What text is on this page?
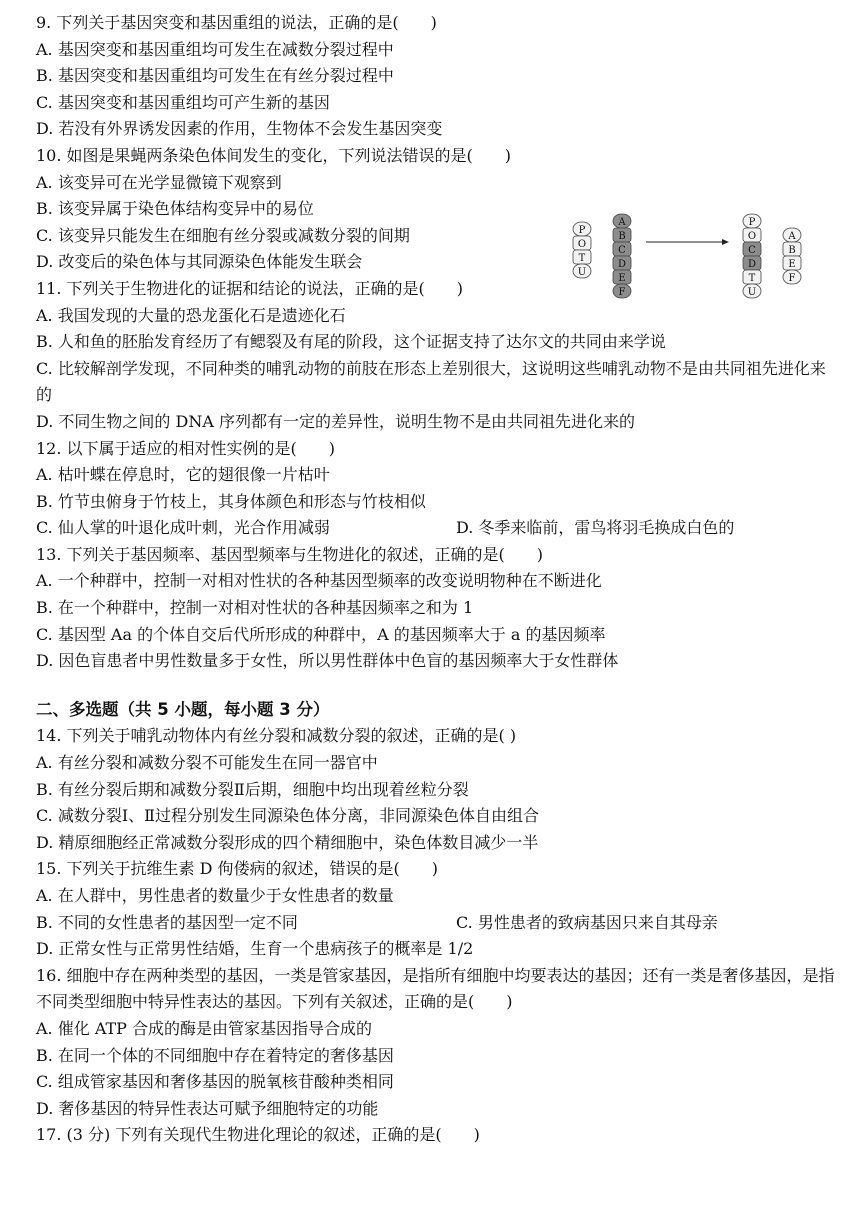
9. 下列关于基因突变和基因重组的说法，正确的是(　　)
A. 基因突变和基因重组均可发生在减数分裂过程中
B. 基因突变和基因重组均可发生在有丝分裂过程中
C. 基因突变和基因重组均可产生新的基因
D. 若没有外界诱发因素的作用，生物体不会发生基因突变
10. 如图是果蝇两条染色体间发生的变化，下列说法错误的是(　　)
A. 该变异可在光学显微镜下观察到
B. 该变异属于染色体结构变异中的易位
C. 该变异只能发生在细胞有丝分裂或减数分裂的间期
D. 改变后的染色体与其同源染色体能发生联会
11. 下列关于生物进化的证据和结论的说法，正确的是(　　)
A. 我国发现的大量的恐龙蛋化石是遗迹化石
B. 人和鱼的胚胎发育经历了有鳃裂及有尾的阶段，这个证据支持了达尔文的共同由来学说
C. 比较解剖学发现，不同种类的哺乳动物的前肢在形态上差别很大，这说明这些哺乳动物不是由共同祖先进化来的
D. 不同生物之间的 DNA 序列都有一定的差异性，说明生物不是由共同祖先进化来的
12. 以下属于适应的相对性实例的是(　　)
A. 枯叶蝶在停息时，它的翅很像一片枯叶
B. 竹节虫俯身于竹枝上，其身体颜色和形态与竹枝相似
C. 仙人掌的叶退化成叶刺，光合作用减弱	D. 冬季来临前，雷鸟将羽毛换成白色的
13. 下列关于基因频率、基因型频率与生物进化的叙述，正确的是(　　)
A. 一个种群中，控制一对相对性状的各种基因型频率的改变说明物种在不断进化
B. 在一个种群中，控制一对相对性状的各种基因频率之和为 1
C. 基因型 Aa 的个体自交后代所形成的种群中，A 的基因频率大于 a 的基因频率
D. 因色盲患者中男性数量多于女性，所以男性群体中色盲的基因频率大于女性群体
二、多选题（共 5 小题，每小题 3 分）
14. 下列关于哺乳动物体内有丝分裂和减数分裂的叙述，正确的是( )
A. 有丝分裂和减数分裂不可能发生在同一器官中
B. 有丝分裂后期和减数分裂Ⅱ后期，细胞中均出现着丝粒分裂
C. 减数分裂Ⅰ、Ⅱ过程分别发生同源染色体分离，非同源染色体自由组合
D. 精原细胞经正常减数分裂形成的四个精细胞中，染色体数目减少一半
15. 下列关于抗维生素 D 佝偻病的叙述，错误的是(　　)
A. 在人群中，男性患者的数量少于女性患者的数量
B. 不同的女性患者的基因型一定不同	C. 男性患者的致病基因只来自其母亲
D. 正常女性与正常男性结婚，生育一个患病孩子的概率是 1/2
16. 细胞中存在两种类型的基因，一类是管家基因，是指所有细胞中均要表达的基因；还有一类是奢侈基因，是指不同类型细胞中特异性表达的基因。下列有关叙述，正确的是(　　)
A. 催化 ATP 合成的酶是由管家基因指导合成的
B. 在同一个体的不同细胞中存在着特定的奢侈基因
C. 组成管家基因和奢侈基因的脱氧核苷酸种类相同
D. 奢侈基因的特异性表达可赋予细胞特定的功能
17. (3 分) 下列有关现代生物进化理论的叙述，正确的是(　　)
P
O
T
U
A
B
C
D
E
F
P
O
C
D
T
U
A
B
E
F
